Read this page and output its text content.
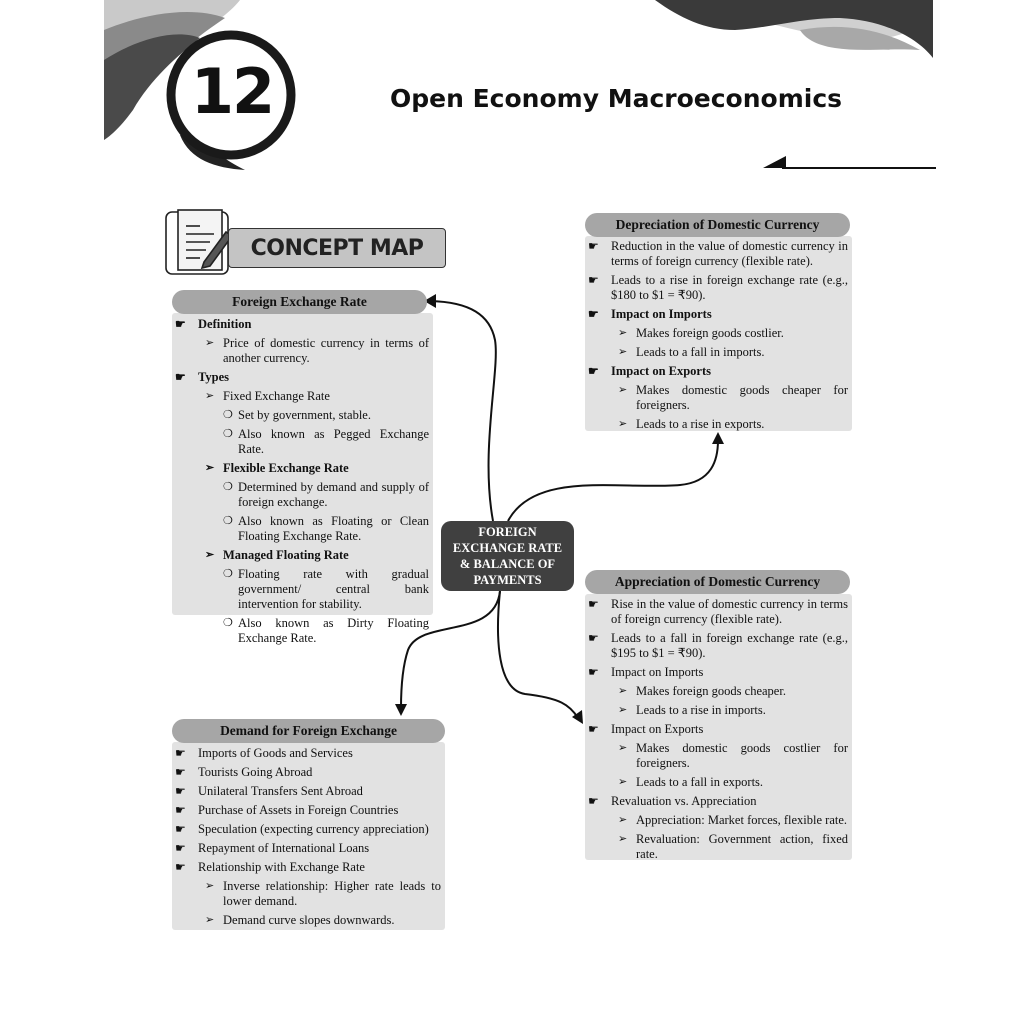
12	Open Economy Macroeconomics
CONCEPT MAP
☛ Definition
➢ Price of domestic currency in terms of another currency.
☛ Types
➢ Fixed Exchange Rate
❍ Set by government, stable.
❍ Also known as Pegged Exchange Rate.
➢ Flexible Exchange Rate
❍ Determined by demand and supply of foreign exchange.
❍ Also known as Floating or Clean Floating Exchange Rate.
➢ Managed Floating Rate
❍ Floating rate with gradual government/ central bank intervention for stability.
❍ Also known as Dirty Floating Exchange Rate.
Foreign Exchange Rate
☛ Reduction in the value of domestic currency in terms of foreign currency (flexible rate).
☛ Leads to a rise in foreign exchange rate (e.g., $180 to $1 = ₹90).
☛ Impact on Imports
➢ Makes foreign goods costlier.
➢ Leads to a fall in imports.
☛ Impact on Exports
➢ Makes domestic goods cheaper for foreigners.
➢ Leads to a rise in exports.
Depreciation of Domestic Currency
☛ Rise in the value of domestic currency in terms of foreign currency (flexible rate).
☛ Leads to a fall in foreign exchange rate (e.g., $195 to $1 = ₹90).
☛ Impact on Imports
➢ Makes foreign goods cheaper.
➢ Leads to a rise in imports.
☛ Impact on Exports
➢ Makes domestic goods costlier for foreigners.
➢ Leads to a fall in exports.
☛ Revaluation vs. Appreciation
➢ Appreciation: Market forces, flexible rate.
➢ Revaluation: Government action, fixed rate.
Appreciation of Domestic Currency
☛ Imports of Goods and Services
☛ Tourists Going Abroad
☛ Unilateral Transfers Sent Abroad
☛ Purchase of Assets in Foreign Countries
☛ Speculation (expecting currency appreciation)
☛ Repayment of International Loans
☛ Relationship with Exchange Rate
➢ Inverse relationship: Higher rate leads to lower demand.
➢ Demand curve slopes downwards.
Demand for Foreign Exchange
FOREIGN
EXCHANGE RATE
& BALANCE OF
PAYMENTS
